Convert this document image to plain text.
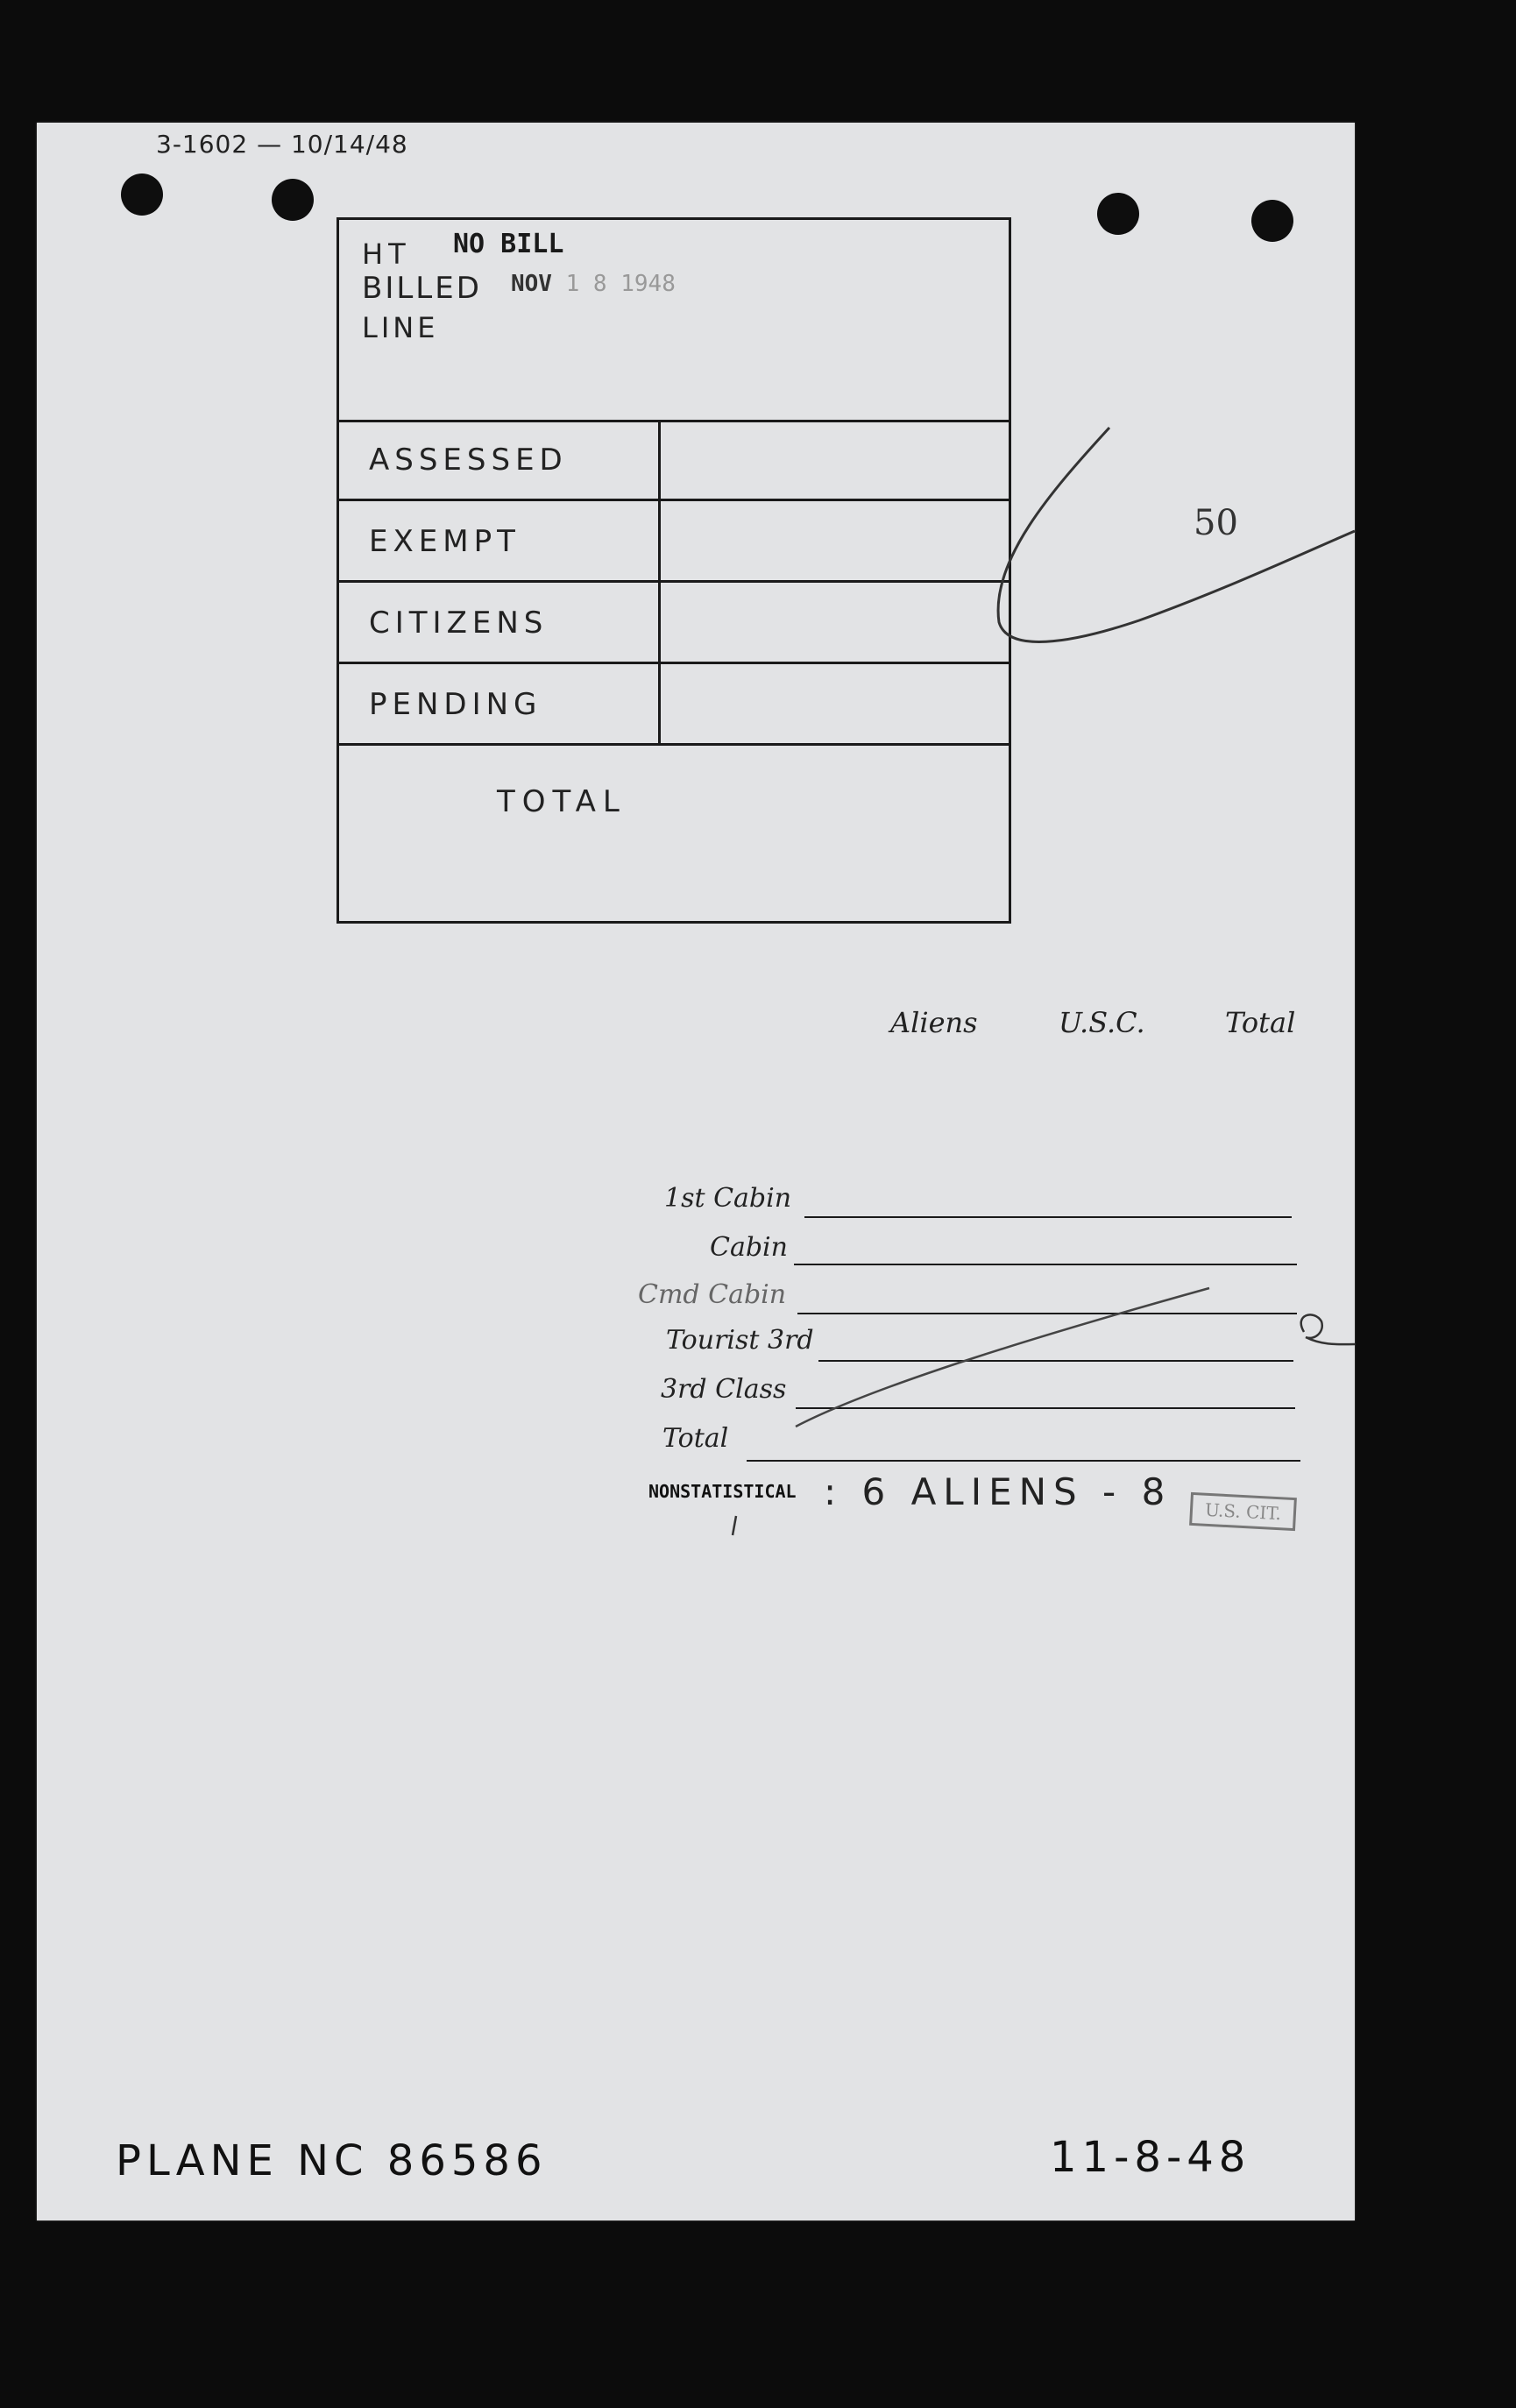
3-1602 — 10/14/48
HT NO BILL
BILLED NOV 1 8 1948
LINE
ASSESSED
EXEMPT
CITIZENS
PENDING
TOTAL
50
Aliens	U.S.C.	Total
1st Cabin
Cabin
Cmd Cabin
Tourist 3rd
3rd Class
Total
NONSTATISTICAL : 6 ALIENS - 8	U.S. CIT.
PLANE NC 86586	11-8-48
